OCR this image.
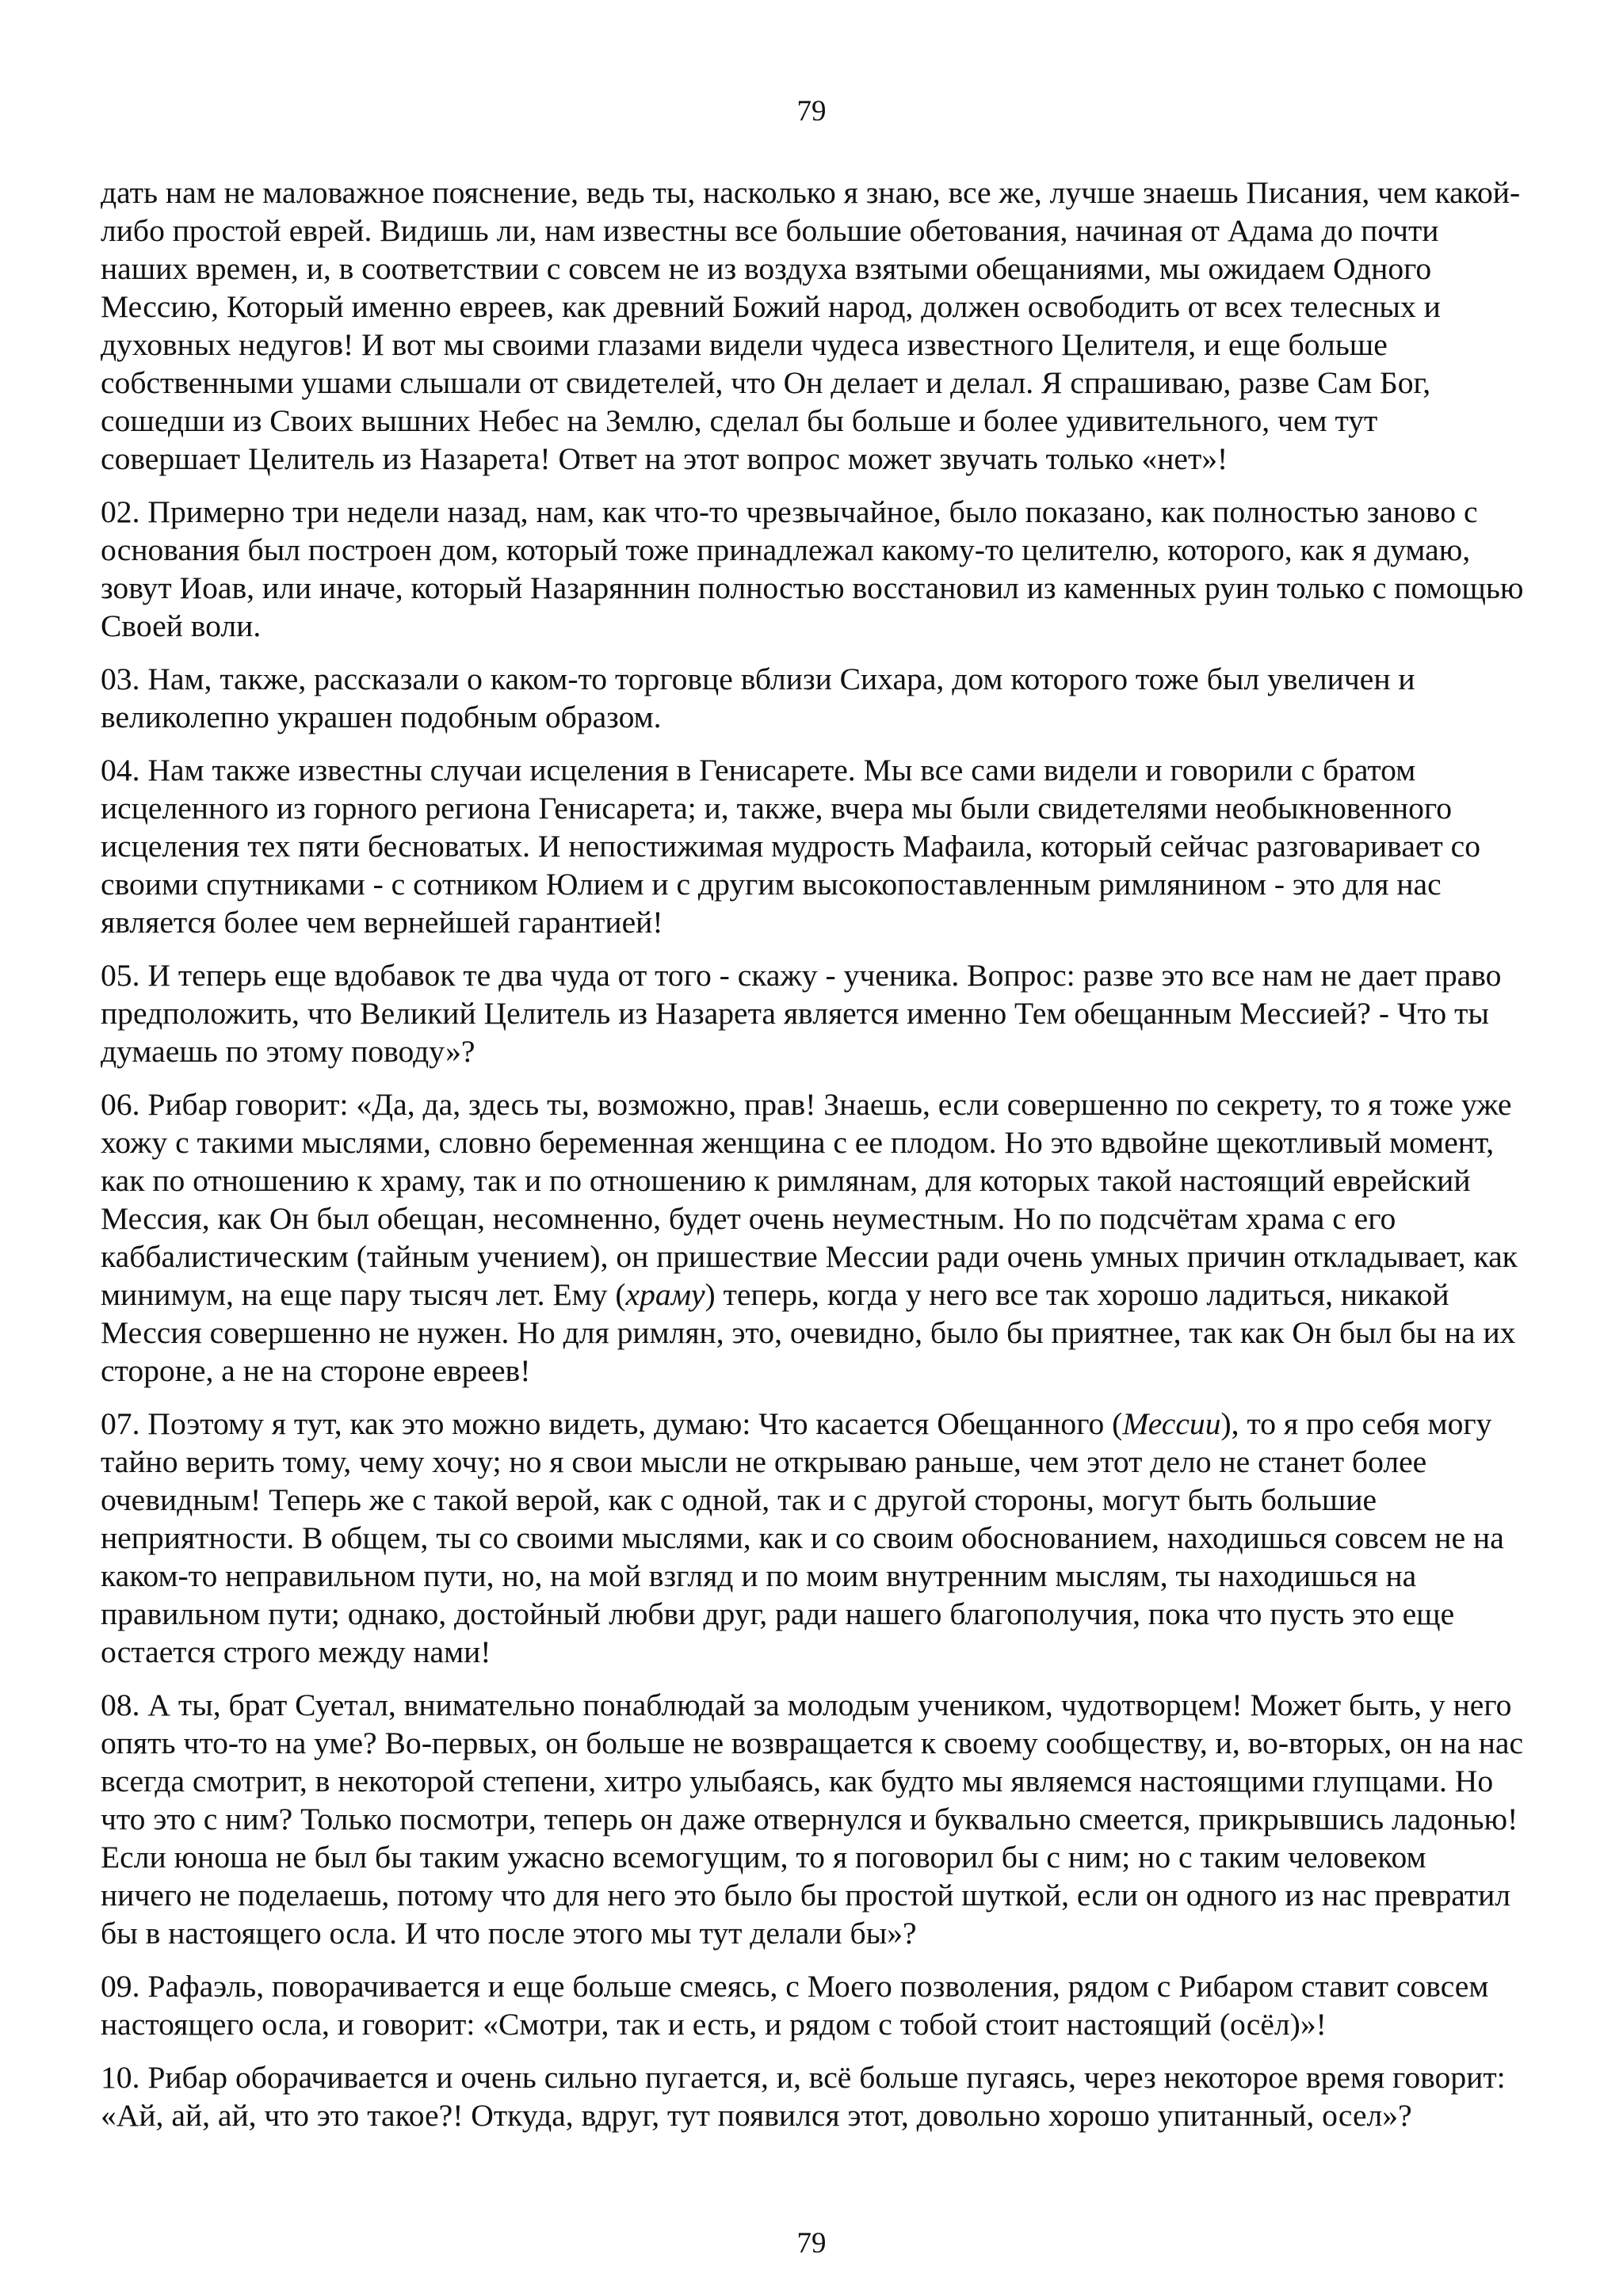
79

дать нам не маловажное пояснение, ведь ты, насколько я знаю, все же, лучше знаешь Писания, чем какой-либо простой еврей. Видишь ли, нам известны все большие обетования, начиная от Адама до почти наших времен, и, в соответствии с совсем не из воздуха взятыми обещаниями, мы ожидаем Одного Мессию, Который именно евреев, как древний Божий народ, должен освободить от всех телесных и духовных недугов! И вот мы своими глазами видели чудеса известного Целителя, и еще больше собственными ушами слышали от свидетелей, что Он делает и делал. Я спрашиваю, разве Сам Бог, сошедши из Своих вышних Небес на Землю, сделал бы больше и более удивительного, чем тут совершает Целитель из Назарета! Ответ на этот вопрос может звучать только «нет»!

02. Примерно три недели назад, нам, как что-то чрезвычайное, было показано, как полностью заново с основания был построен дом, который тоже принадлежал какому-то целителю, которого, как я думаю, зовут Иоав, или иначе, который Назаряннин полностью восстановил из каменных руин только с помощью Своей воли.

03. Нам, также, рассказали о каком-то торговце вблизи Сихара, дом которого тоже был увеличен и великолепно украшен подобным образом.

04. Нам также известны случаи исцеления в Генисарете. Мы все сами видели и говорили с братом исцеленного из горного региона Генисарета; и, также, вчера мы были свидетелями необыкновенного исцеления тех пяти бесноватых. И непостижимая мудрость Мафаила, который сейчас разговаривает со своими спутниками - с сотником Юлием и с другим высокопоставленным римлянином - это для нас является более чем вернейшей гарантией!

05. И теперь еще вдобавок те два чуда от того - скажу - ученика. Вопрос: разве это все нам не дает право предположить, что Великий Целитель из Назарета является именно Тем обещанным Мессией? - Что ты думаешь по этому поводу»?

06. Рибар говорит: «Да, да, здесь ты, возможно, прав! Знаешь, если совершенно по секрету, то я тоже уже хожу с такими мыслями, словно беременная женщина с ее плодом. Но это вдвойне щекотливый момент, как по отношению к храму, так и по отношению к римлянам, для которых такой настоящий еврейский Мессия, как Он был обещан, несомненно, будет очень неуместным. Но по подсчётам храма с его каббалистическим (тайным учением), он пришествие Мессии ради очень умных причин откладывает, как минимум, на еще пару тысяч лет. Ему (храму) теперь, когда у него все так хорошо ладиться, никакой Мессия совершенно не нужен. Но для римлян, это, очевидно, было бы приятнее, так как Он был бы на их стороне, а не на стороне евреев!

07. Поэтому я тут, как это можно видеть, думаю: Что касается Обещанного (Мессии), то я про себя могу тайно верить тому, чему хочу; но я свои мысли не открываю раньше, чем этот дело не станет более очевидным! Теперь же с такой верой, как с одной, так и с другой стороны, могут быть большие неприятности. В общем, ты со своими мыслями, как и со своим обоснованием, находишься совсем не на каком-то неправильном пути, но, на мой взгляд и по моим внутренним мыслям, ты находишься на правильном пути; однако, достойный любви друг, ради нашего благополучия, пока что пусть это еще остается строго между нами!

08. А ты, брат Суетал, внимательно понаблюдай за молодым учеником, чудотворцем! Может быть, у него опять что-то на уме? Во-первых, он больше не возвращается к своему сообществу, и, во-вторых, он на нас всегда смотрит, в некоторой степени, хитро улыбаясь, как будто мы являемся настоящими глупцами. Но что это с ним? Только посмотри, теперь он даже отвернулся и буквально смеется, прикрывшись ладонью! Если юноша не был бы таким ужасно всемогущим, то я поговорил бы с ним; но с таким человеком ничего не поделаешь, потому что для него это было бы простой шуткой, если он одного из нас превратил бы в настоящего осла. И что после этого мы тут делали бы»?

09. Рафаэль, поворачивается и еще больше смеясь, с Моего позволения, рядом с Рибаром ставит совсем настоящего осла, и говорит: «Смотри, так и есть, и рядом с тобой стоит настоящий (осёл)»!

10. Рибар оборачивается и очень сильно пугается, и, всё больше пугаясь, через некоторое время говорит: «Ай, ай, ай, что это такое?! Откуда, вдруг, тут появился этот, довольно хорошо упитанный, осел»?

79
